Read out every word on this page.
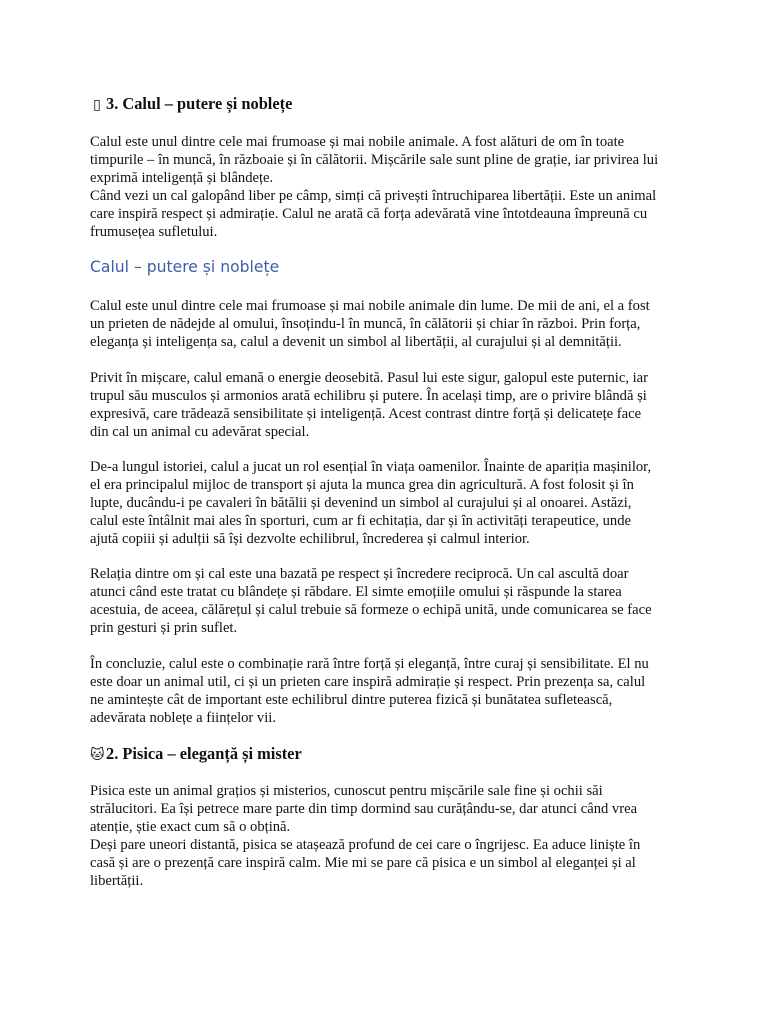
▯ 3. Calul – putere și noblețe
Calul este unul dintre cele mai frumoase și mai nobile animale. A fost alături de om în toate
timpurile – în muncă, în războaie și în călătorii. Mișcările sale sunt pline de grație, iar privirea lui
exprimă inteligență și blândețe.
Când vezi un cal galopând liber pe câmp, simți că privești întruchiparea libertății. Este un animal
care inspiră respect și admirație. Calul ne arată că forța adevărată vine întotdeauna împreună cu
frumusețea sufletului.
Calul – putere și noblețe
Calul este unul dintre cele mai frumoase și mai nobile animale din lume. De mii de ani, el a fost
un prieten de nădejde al omului, însoțindu-l în muncă, în călătorii și chiar în război. Prin forța,
eleganța și inteligența sa, calul a devenit un simbol al libertății, al curajului și al demnității.
Privit în mișcare, calul emană o energie deosebită. Pasul lui este sigur, galopul este puternic, iar
trupul său musculos și armonios arată echilibru și putere. În același timp, are o privire blândă și
expresivă, care trădează sensibilitate și inteligență. Acest contrast dintre forță și delicatețe face
din cal un animal cu adevărat special.
De-a lungul istoriei, calul a jucat un rol esențial în viața oamenilor. Înainte de apariția mașinilor,
el era principalul mijloc de transport și ajuta la munca grea din agricultură. A fost folosit și în
lupte, ducându-i pe cavaleri în bătălii și devenind un simbol al curajului și al onoarei. Astăzi,
calul este întâlnit mai ales în sporturi, cum ar fi echitația, dar și în activități terapeutice, unde
ajută copiii și adulții să își dezvolte echilibrul, încrederea și calmul interior.
Relația dintre om și cal este una bazată pe respect și încredere reciprocă. Un cal ascultă doar
atunci când este tratat cu blândețe și răbdare. El simte emoțiile omului și răspunde la starea
acestuia, de aceea, călărețul și calul trebuie să formeze o echipă unită, unde comunicarea se face
prin gesturi și prin suflet.
În concluzie, calul este o combinație rară între forță și eleganță, între curaj și sensibilitate. El nu
este doar un animal util, ci și un prieten care inspiră admirație și respect. Prin prezența sa, calul
ne amintește cât de important este echilibrul dintre puterea fizică și bunătatea sufletească,
adevărata noblețe a ființelor vii.
🐱2. Pisica – eleganță și mister
Pisica este un animal grațios și misterios, cunoscut pentru mișcările sale fine și ochii săi
strălucitori. Ea își petrece mare parte din timp dormind sau curățându-se, dar atunci când vrea
atenție, știe exact cum să o obțină.
Deși pare uneori distantă, pisica se atașează profund de cei care o îngrijesc. Ea aduce liniște în
casă și are o prezență care inspiră calm. Mie mi se pare că pisica e un simbol al eleganței și al
libertății.
